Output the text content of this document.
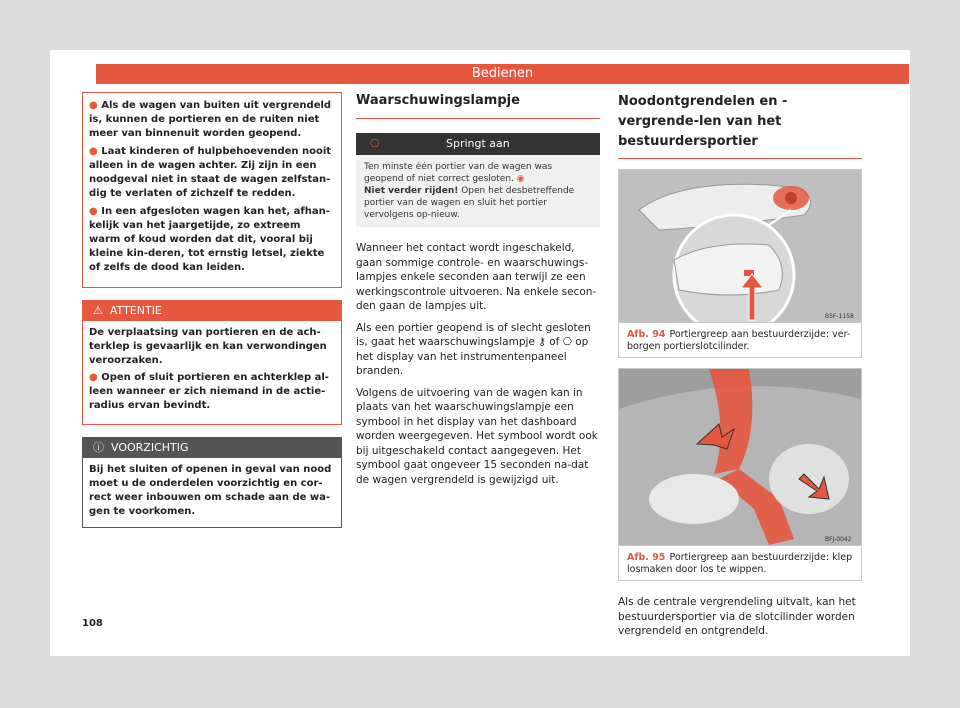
Bedienen

● Als de wagen van buiten uit vergrendeld is, kunnen de portieren en de ruiten niet meer van binnenuit worden geopend.

● Laat kinderen of hulpbehoevenden nooit alleen in de wagen achter. Zij zijn in een noodgeval niet in staat de wagen zelfstan-dig te verlaten of zichzelf te redden.

● In een afgesloten wagen kan het, afhan-kelijk van het jaargetijde, zo extreem warm of koud worden dat dit, vooral bij kleine kin-deren, tot ernstig letsel, ziekte of zelfs de dood kan leiden.

⚠ ATTENTIE

De verplaatsing van portieren en de ach-terklep is gevaarlijk en kan verwondingen veroorzaken.

● Open of sluit portieren en achterklep al-leen wanneer er zich niemand in de actie-radius ervan bevindt.

ⓘ VOORZICHTIG

Bij het sluiten of openen in geval van nood moet u de onderdelen voorzichtig en cor-rect weer inbouwen om schade aan de wa-gen te voorkomen.

Waarschuwingslampje
⎔	Springt aan
Ten minste één portier van de wagen was geopend of niet correct gesloten. ◉
Niet verder rijden! Open het desbetreffende portier van de wagen en sluit het portier vervolgens op-nieuw.

Wanneer het contact wordt ingeschakeld, gaan sommige controle- en waarschuwings-lampjes enkele seconden aan terwijl ze een werkingscontrole uitvoeren. Na enkele secon-den gaan de lampjes uit.

Als een portier geopend is of slecht gesloten is, gaat het waarschuwingslampje ⚷ of ⎔ op het display van het instrumentenpaneel branden.

Volgens de uitvoering van de wagen kan in plaats van het waarschuwingslampje een symbool in het display van het dashboard worden weergegeven. Het symbool wordt ook bij uitgeschakeld contact aangegeven. Het symbool gaat ongeveer 15 seconden na-dat de wagen vergrendeld is gewijzigd uit.

Noodontgrendelen en -vergrende-len van het bestuurdersportier
B5F-1158
Afb. 94 Portiergreep aan bestuurderzijde: ver-borgen portierslotcilinder.
BFJ-0042
Afb. 95 Portiergreep aan bestuurderzijde: klep losmaken door los te wippen.

Als de centrale vergrendeling uitvalt, kan het bestuurdersportier via de slotcilinder worden vergrendeld en ontgrendeld.

108
